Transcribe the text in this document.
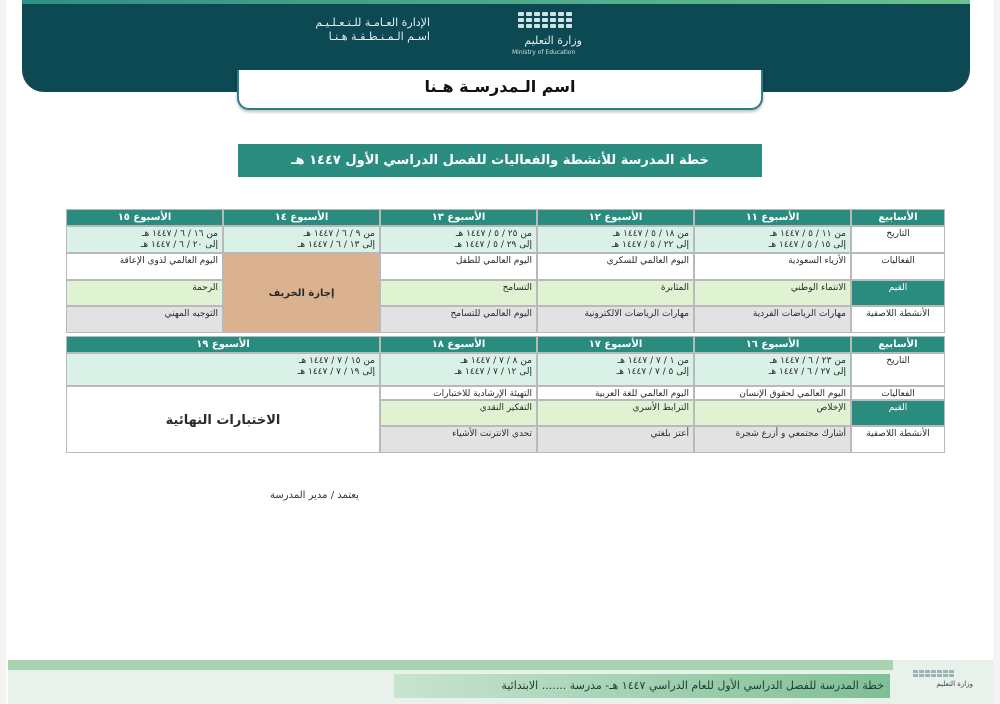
الإدارة العـامـة للـتـعـلـيـم
اسـم الـمـنـطـقـة هـنـا	وزارة التعليم
Ministry of Education
اسم الـمدرسـة هـنا
خطة المدرسة للأنشطة والفعاليات للفصل الدراسي الأول ١٤٤٧ هـ
الأسابيع
التاريخ
الفعاليات
القيم
الأنشطة اللاصفية
الأسبوع ١١
من ١١ / ٥ / ١٤٤٧ هـ
إلى ١٥ / ٥ / ١٤٤٧ هـ
الأزياء السعودية
الانتماء الوطني
مهارات الرياضات الفردية
الأسبوع ١٢
من ١٨ / ٥ / ١٤٤٧ هـ
إلى ٢٢ / ٥ / ١٤٤٧ هـ
اليوم العالمي للسكري
المثابرة
مهارات الرياضات الالكترونية
الأسبوع ١٣
من ٢٥ / ٥ / ١٤٤٧ هـ
إلى ٢٩ / ٥ / ١٤٤٧ هـ
اليوم العالمي للطفل
التسامح
اليوم العالمي للتسامح
الأسبوع ١٤
من ٩ / ٦ / ١٤٤٧ هـ
إلى ١٣ / ٦ / ١٤٤٧ هـ
إجازة الخريف
الأسبوع ١٥
من ١٦ / ٦ / ١٤٤٧ هـ
إلى ٢٠ / ٦ / ١٤٤٧ هـ
اليوم العالمي لذوي الإعاقة
الرحمة
التوجيه المهني
الأسابيع
التاريخ
الفعاليات
القيم
الأنشطة اللاصفية
الأسبوع ١٦
من ٢٣ / ٦ / ١٤٤٧ هـ
إلى ٢٧ / ٦ / ١٤٤٧ هـ
اليوم العالمي لحقوق الإنسان
الإخلاص
أشارك مجتمعي و أزرع شجرة
الأسبوع ١٧
من ١ / ٧ / ١٤٤٧ هـ
إلى ٥ / ٧ / ١٤٤٧ هـ
اليوم العالمي للغة العربية
الترابط الأسري
أعتز بلغتي
الأسبوع ١٨
من ٨ / ٧ / ١٤٤٧ هـ
إلى ١٢ / ٧ / ١٤٤٧ هـ
التهيئة الإرشادية للاختبارات
التفكير النقدي
تحدي الانترنت الأشياء
الأسبوع ١٩
من ١٥ / ٧ / ١٤٤٧ هـ
إلى ١٩ / ٧ / ١٤٤٧ هـ
الاختبارات النهائية
يعتمد / مدير المدرسة
خطة المدرسة للفصل الدراسي الأول للعام الدراسي ١٤٤٧ هـ- مدرسة ....... الابتدائية	وزارة التعليم
